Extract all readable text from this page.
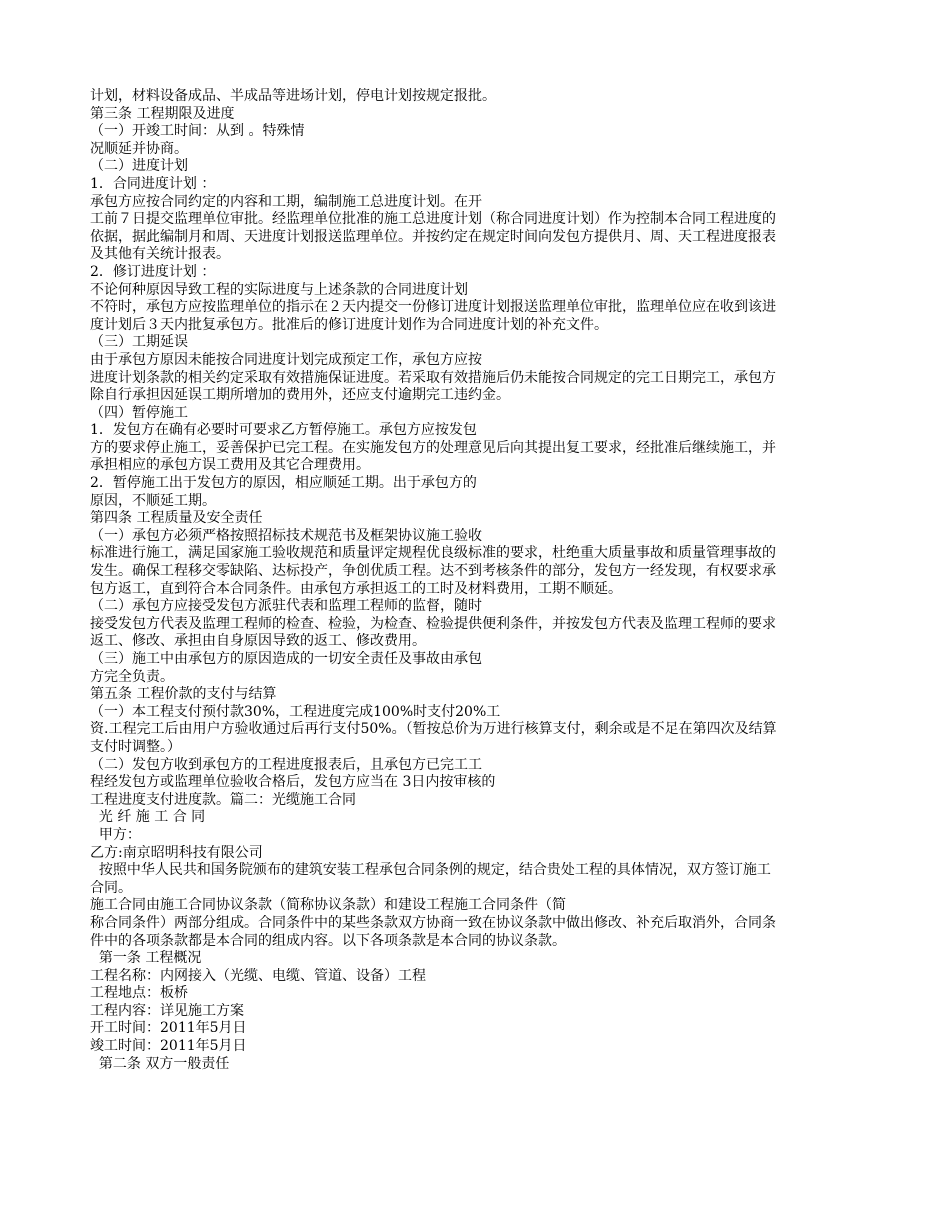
计划，材料设备成品、半成品等进场计划，停电计划按规定报批。
第三条 工程期限及进度
（一）开竣工时间：从到 。特殊情
况顺延并协商。
（二）进度计划
1．合同进度计划 ：
承包方应按合同约定的内容和工期，编制施工总进度计划。在开
工前７日提交监理单位审批。经监理单位批准的施工总进度计划（称合同进度计划）作为控制本合同工程进度的
依据，据此编制月和周、天进度计划报送监理单位。并按约定在规定时间向发包方提供月、周、天工程进度报表
及其他有关统计报表。
2．修订进度计划 ：
不论何种原因导致工程的实际进度与上述条款的合同进度计划
不符时，承包方应按监理单位的指示在２天内提交一份修订进度计划报送监理单位审批，监理单位应在收到该进
度计划后３天内批复承包方。批准后的修订进度计划作为合同进度计划的补充文件。
（三）工期延误
由于承包方原因未能按合同进度计划完成预定工作，承包方应按
进度计划条款的相关约定采取有效措施保证进度。若采取有效措施后仍未能按合同规定的完工日期完工，承包方
除自行承担因延误工期所增加的费用外，还应支付逾期完工违约金。
（四）暂停施工
1．发包方在确有必要时可要求乙方暂停施工。承包方应按发包
方的要求停止施工，妥善保护已完工程。在实施发包方的处理意见后向其提出复工要求，经批准后继续施工，并
承担相应的承包方误工费用及其它合理费用。
2．暂停施工出于发包方的原因，相应顺延工期。出于承包方的
原因，不顺延工期。
第四条 工程质量及安全责任
（一）承包方必须严格按照招标技术规范书及框架协议施工验收
标准进行施工，满足国家施工验收规范和质量评定规程优良级标准的要求，杜绝重大质量事故和质量管理事故的
发生。确保工程移交零缺陷、达标投产，争创优质工程。达不到考核条件的部分，发包方一经发现，有权要求承
包方返工，直到符合本合同条件。由承包方承担返工的工时及材料费用，工期不顺延。
（二）承包方应接受发包方派驻代表和监理工程师的监督，随时
接受发包方代表及监理工程师的检查、检验，为检查、检验提供便利条件，并按发包方代表及监理工程师的要求
返工、修改、承担由自身原因导致的返工、修改费用。
（三）施工中由承包方的原因造成的一切安全责任及事故由承包
方完全负责。
第五条 工程价款的支付与结算
（一）本工程支付预付款30%，工程进度完成100%时支付20%工
资.工程完工后由用户方验收通过后再行支付50%。（暂按总价为万进行核算支付，剩余或是不足在第四次及结算
支付时调整。）
（二）发包方收到承包方的工程进度报表后，且承包方已完工工
程经发包方或监理单位验收合格后，发包方应当在 3日内按审核的
工程进度支付进度款。篇二：光缆施工合同
光 纤 施 工 合 同
甲方：
乙方:南京昭明科技有限公司
按照中华人民共和国务院颁布的建筑安装工程承包合同条例的规定，结合贵处工程的具体情况，双方签订施工
合同。
施工合同由施工合同协议条款（简称协议条款）和建设工程施工合同条件（简
称合同条件）两部分组成。合同条件中的某些条款双方协商一致在协议条款中做出修改、补充后取消外，合同条
件中的各项条款都是本合同的组成内容。以下各项条款是本合同的协议条款。
第一条 工程概况
工程名称：内网接入（光缆、电缆、管道、设备）工程
工程地点：板桥
工程内容：详见施工方案
开工时间：2011年5月日
竣工时间：2011年5月日
第二条 双方一般责任
